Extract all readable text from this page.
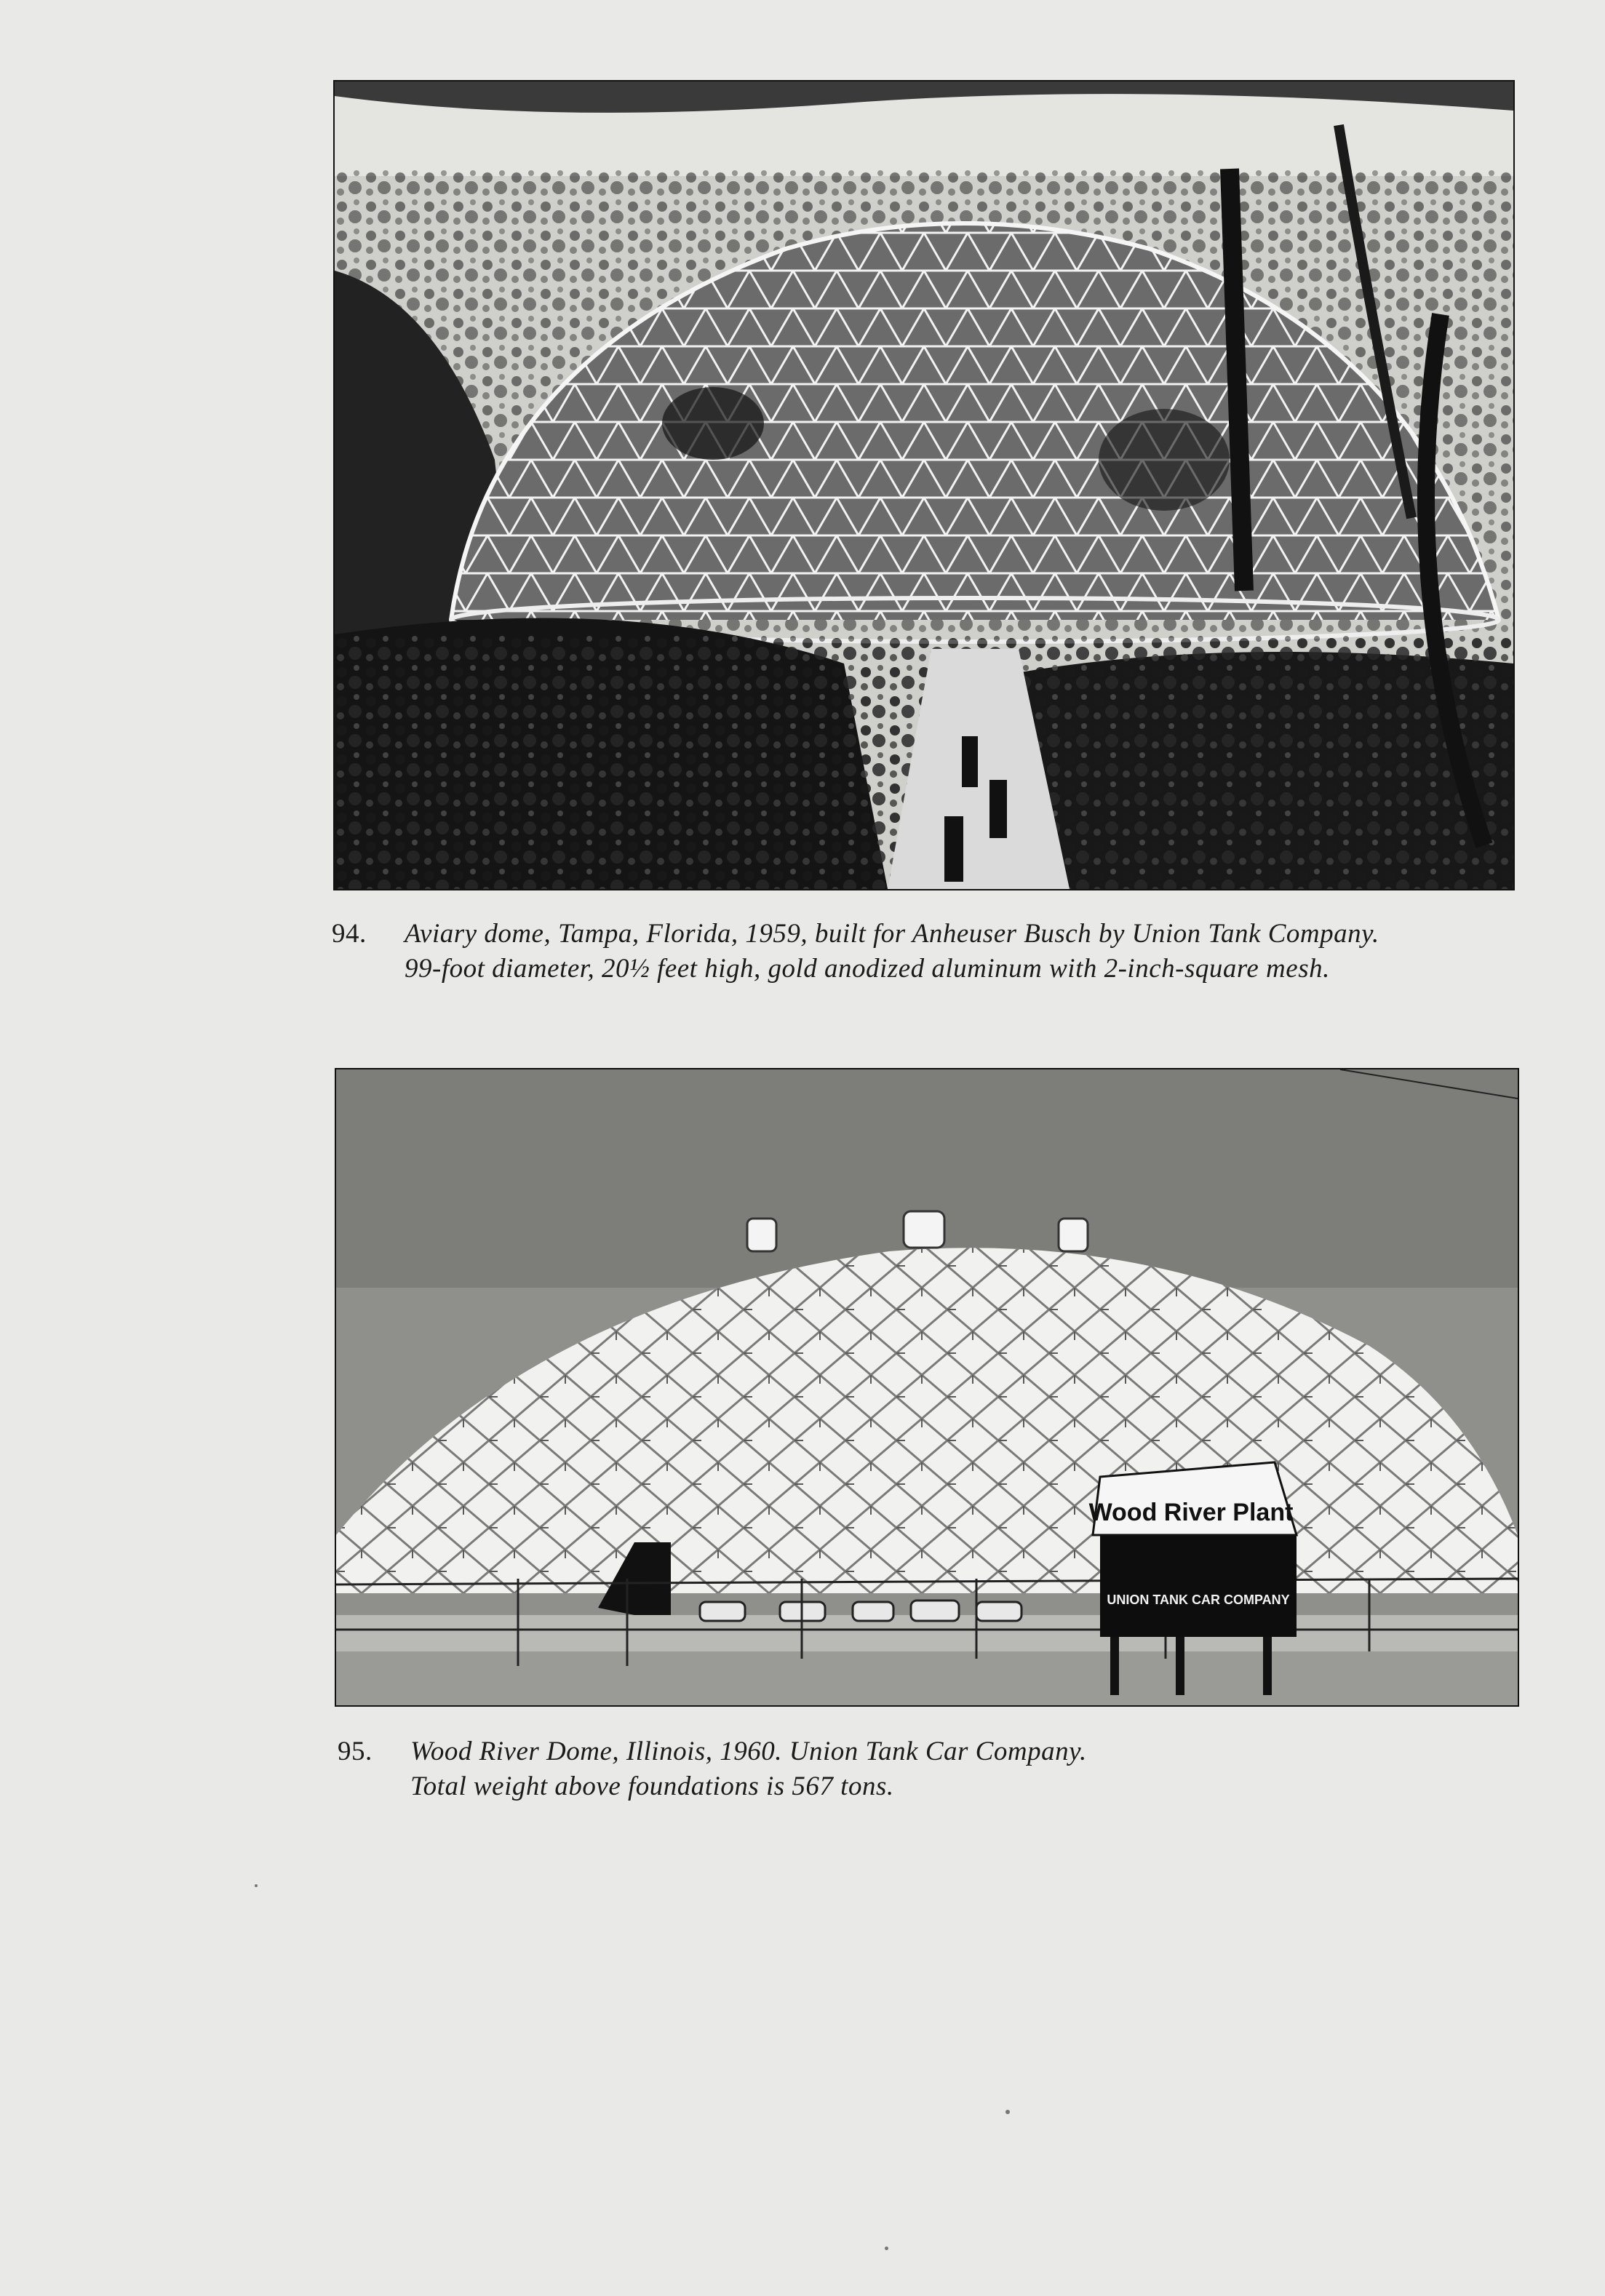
94. Aviary dome, Tampa, Florida, 1959, built for Anheuser Busch by Union Tank Company.
99-foot diameter, 20½ feet high, gold anodized aluminum with 2-inch-square mesh.
Wood River Plant
UNION TANK CAR COMPANY
95. Wood River Dome, Illinois, 1960. Union Tank Car Company.
Total weight above foundations is 567 tons.
